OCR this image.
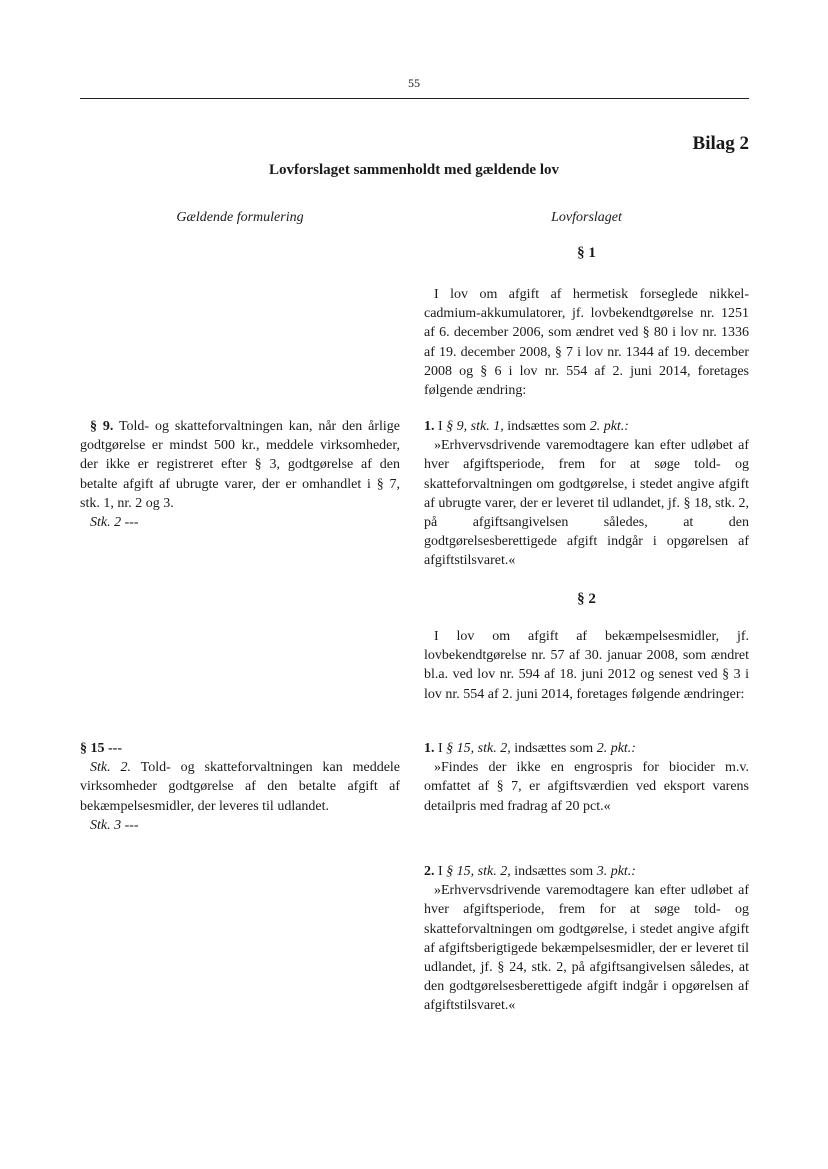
55
Bilag 2
Lovforslaget sammenholdt med gældende lov
Gældende formulering	Lovforslaget
§ 1
I lov om afgift af hermetisk forseglede nikkel-cadmium-akkumulatorer, jf. lovbekendtgørelse nr. 1251 af 6. december 2006, som ændret ved § 80 i lov nr. 1336 af 19. december 2008, § 7 i lov nr. 1344 af 19. december 2008 og § 6 i lov nr. 554 af 2. juni 2014, foretages følgende ændring:
§ 9. Told- og skatteforvaltningen kan, når den årlige godtgørelse er mindst 500 kr., meddele virksomheder, der ikke er registreret efter § 3, godtgørelse af den betalte afgift af ubrugte varer, der er omhandlet i § 7, stk. 1, nr. 2 og 3.
Stk. 2 ---
1. I § 9, stk. 1, indsættes som 2. pkt.:
»Erhvervsdrivende varemodtagere kan efter udløbet af hver afgiftsperiode, frem for at søge told- og skatteforvaltningen om godtgørelse, i stedet angive afgift af ubrugte varer, der er leveret til udlandet, jf. § 18, stk. 2, på afgiftsangivelsen således, at den godtgørelsesberettigede afgift indgår i opgørelsen af afgiftstilsvaret.«
§ 2
I lov om afgift af bekæmpelsesmidler, jf. lovbekendtgørelse nr. 57 af 30. januar 2008, som ændret bl.a. ved lov nr. 594 af 18. juni 2012 og senest ved § 3 i lov nr. 554 af 2. juni 2014, foretages følgende ændringer:
§ 15 ---
Stk. 2. Told- og skatteforvaltningen kan meddele virksomheder godtgørelse af den betalte afgift af bekæmpelsesmidler, der leveres til udlandet.
Stk. 3 ---
1. I § 15, stk. 2, indsættes som 2. pkt.:
»Findes der ikke en engrospris for biocider m.v. omfattet af § 7, er afgiftsværdien ved eksport varens detailpris med fradrag af 20 pct.«
2. I § 15, stk. 2, indsættes som 3. pkt.:
»Erhvervsdrivende varemodtagere kan efter udløbet af hver afgiftsperiode, frem for at søge told- og skatteforvaltningen om godtgørelse, i stedet angive afgift af afgiftsberigtigede bekæmpelsesmidler, der er leveret til udlandet, jf. § 24, stk. 2, på afgiftsangivelsen således, at den godtgørelsesberettigede afgift indgår i opgørelsen af afgiftstilsvaret.«
